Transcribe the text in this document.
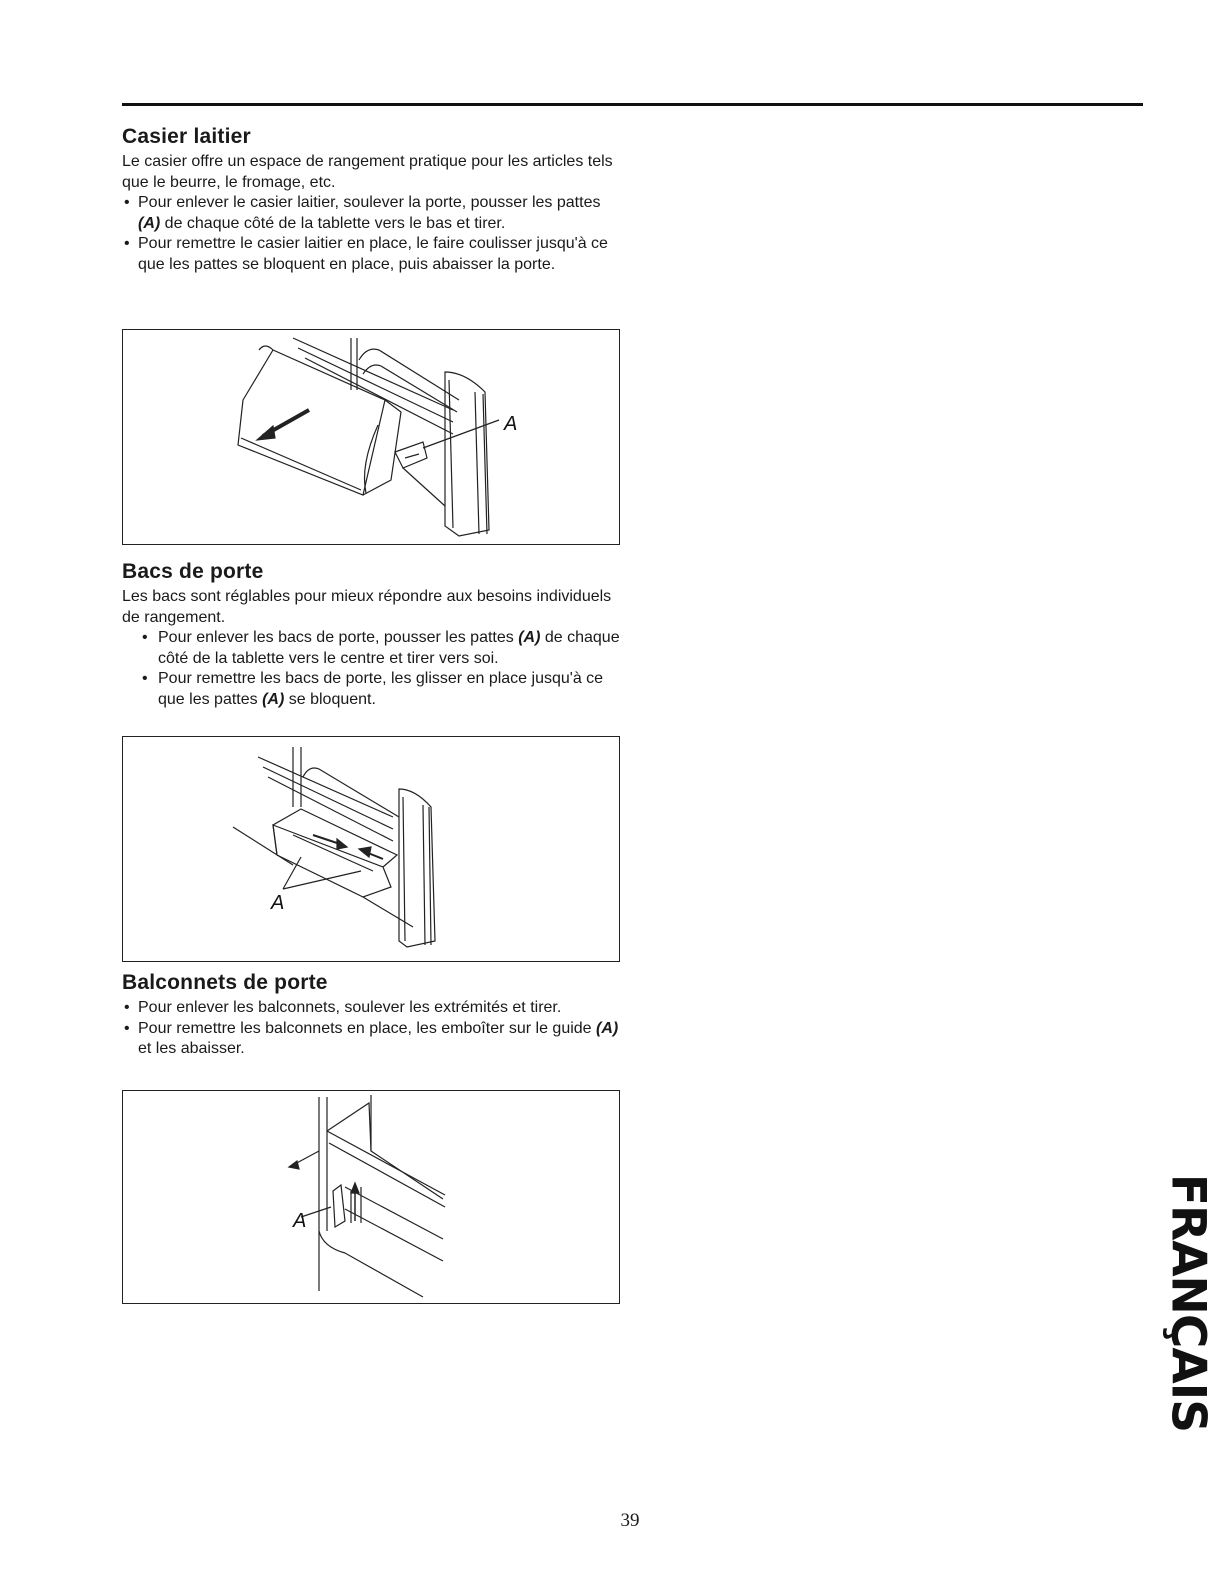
Casier laitier

Le casier offre un espace de rangement pratique pour les articles tels que le beurre, le fromage, etc.

• Pour enlever le casier laitier, soulever la porte, pousser les pattes (A) de chaque côté de la tablette vers le bas et tirer.
• Pour remettre le casier laitier en place, le faire coulisser jusqu'à ce que les pattes se bloquent en place, puis abaisser la porte.
A
Bacs de porte

Les bacs sont réglables pour mieux répondre aux besoins individuels de rangement.

• Pour enlever les bacs de porte, pousser les pattes (A) de chaque côté de la tablette vers le centre et tirer vers soi.
• Pour remettre les bacs de porte, les glisser en place jusqu'à ce que les pattes (A) se bloquent.
A
Balconnets de porte
• Pour enlever les balconnets, soulever les extrémités et tirer.
• Pour remettre les balconnets en place, les emboîter sur le guide (A) et les abaisser.
A	FRANÇAIS
39
